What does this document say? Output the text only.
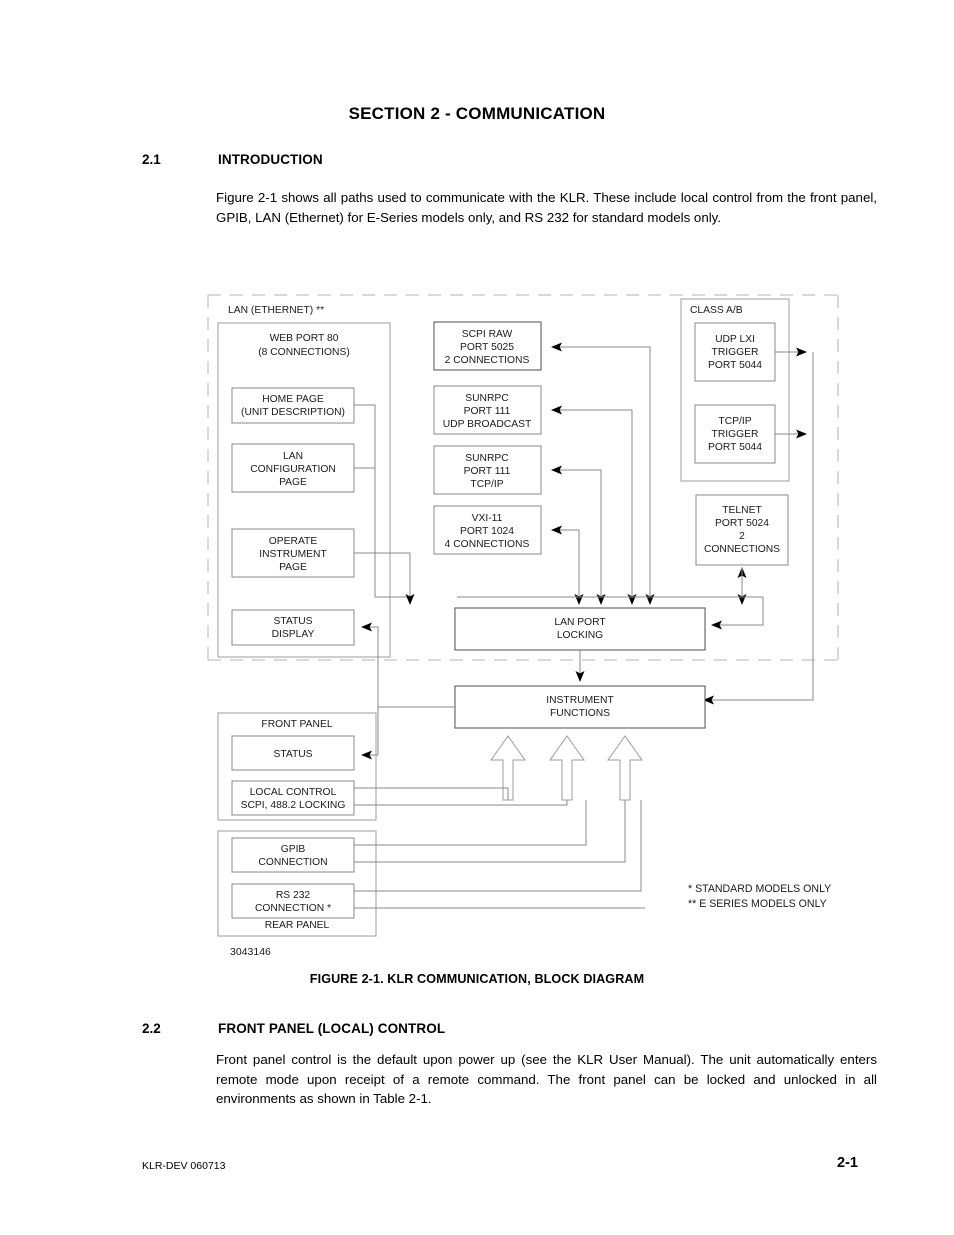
SECTION 2 - COMMUNICATION
2.1	INTRODUCTION
Figure 2-1 shows all paths used to communicate with the KLR. These include local control from the front panel, GPIB, LAN (Ethernet) for E-Series models only, and RS 232 for standard models only.
2.2	FRONT PANEL (LOCAL) CONTROL
Front panel control is the default upon power up (see the KLR User Manual). The unit automatically enters remote mode upon receipt of a remote command. The front panel can be locked and unlocked in all environments as shown in Table 2-1.
FIGURE 2-1. KLR COMMUNICATION, BLOCK DIAGRAM
KLR-DEV 060713	2-1
LAN (ETHERNET) **
WEB PORT 80
(8 CONNECTIONS)
HOME PAGE
(UNIT DESCRIPTION)
LAN
CONFIGURATION
PAGE
OPERATE
INSTRUMENT
PAGE
STATUS
DISPLAY
SCPI RAW
PORT 5025
2 CONNECTIONS
SUNRPC
PORT 111
UDP BROADCAST
SUNRPC
PORT 111
TCP/IP
VXI-11
PORT 1024
4 CONNECTIONS
CLASS A/B
UDP LXI
TRIGGER
PORT 5044
TCP/IP
TRIGGER
PORT 5044
TELNET
PORT 5024
2
CONNECTIONS
LAN PORT
LOCKING
INSTRUMENT
FUNCTIONS
FRONT PANEL
STATUS
LOCAL CONTROL
SCPI, 488.2 LOCKING
REAR PANEL
GPIB
CONNECTION
RS 232
CONNECTION *
3043146
* STANDARD MODELS ONLY
** E SERIES MODELS ONLY
